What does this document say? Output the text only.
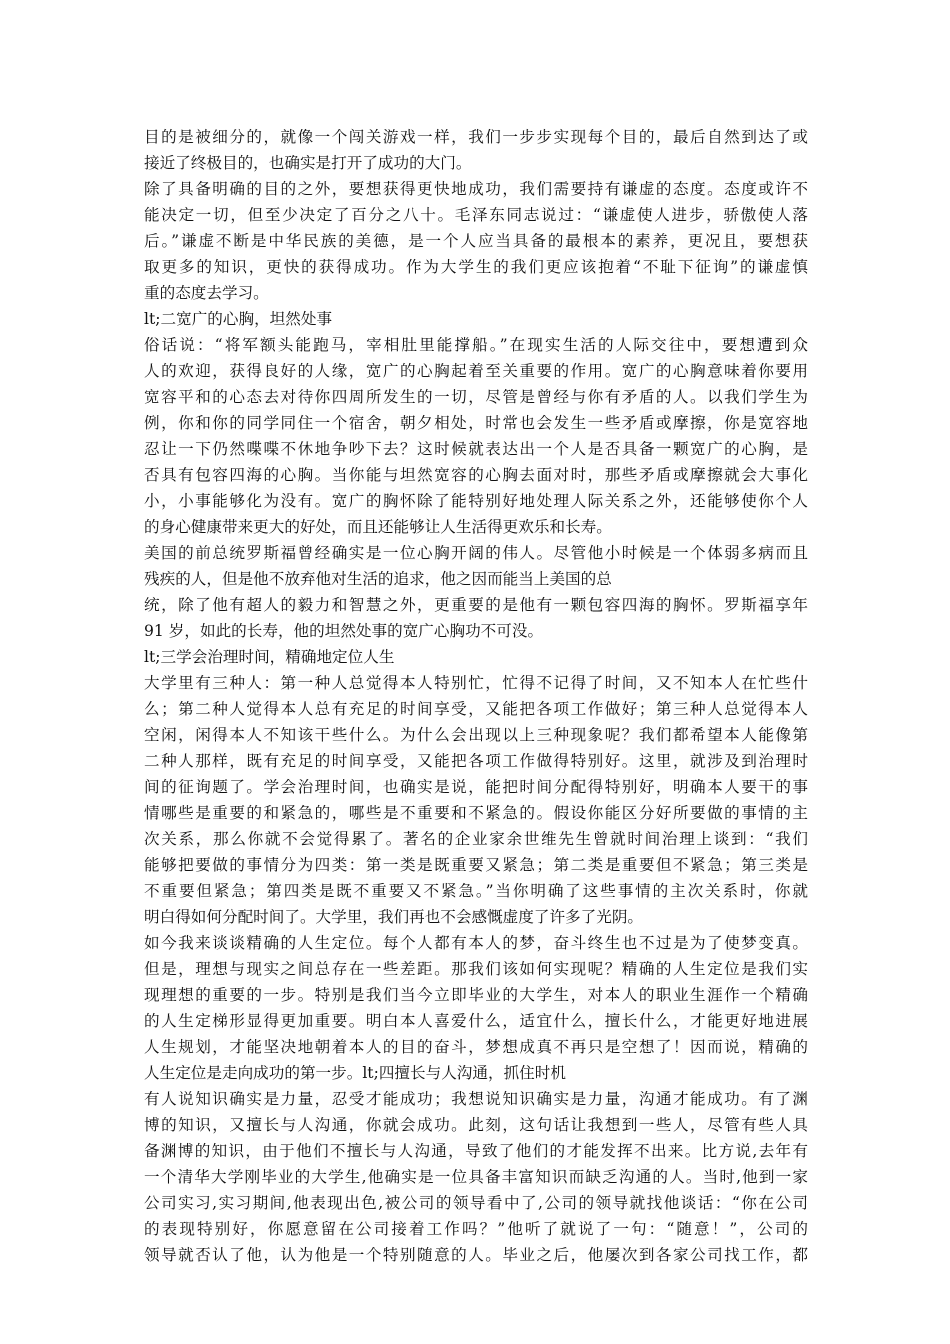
目的是被细分的，就像一个闯关游戏一样，我们一步步实现每个目的，最后自然到达了或
接近了终极目的，也确实是打开了成功的大门。
除了具备明确的目的之外，要想获得更快地成功，我们需要持有谦虚的态度。态度或许不
能决定一切，但至少决定了百分之八十。毛泽东同志说过：“谦虚使人进步，骄傲使人落
后。”谦虚不断是中华民族的美德，是一个人应当具备的最根本的素养，更况且，要想获
取更多的知识，更快的获得成功。作为大学生的我们更应该抱着“不耻下征询”的谦虚慎
重的态度去学习。
lt;二宽广的心胸，坦然处事
俗话说：“将军额头能跑马，宰相肚里能撑船。”在现实生活的人际交往中，要想遭到众
人的欢迎，获得良好的人缘，宽广的心胸起着至关重要的作用。宽广的心胸意味着你要用
宽容平和的心态去对待你四周所发生的一切，尽管是曾经与你有矛盾的人。以我们学生为
例，你和你的同学同住一个宿舍，朝夕相处，时常也会发生一些矛盾或摩擦，你是宽容地
忍让一下仍然喋喋不休地争吵下去？这时候就表达出一个人是否具备一颗宽广的心胸，是
否具有包容四海的心胸。当你能与坦然宽容的心胸去面对时，那些矛盾或摩擦就会大事化
小，小事能够化为没有。宽广的胸怀除了能特别好地处理人际关系之外，还能够使你个人
的身心健康带来更大的好处，而且还能够让人生活得更欢乐和长寿。
美国的前总统罗斯福曾经确实是一位心胸开阔的伟人。尽管他小时候是一个体弱多病而且
残疾的人，但是他不放弃他对生活的追求，他之因而能当上美国的总
统，除了他有超人的毅力和智慧之外，更重要的是他有一颗包容四海的胸怀。罗斯福享年
91 岁，如此的长寿，他的坦然处事的宽广心胸功不可没。
lt;三学会治理时间，精确地定位人生
大学里有三种人：第一种人总觉得本人特别忙，忙得不记得了时间，又不知本人在忙些什
么；第二种人觉得本人总有充足的时间享受，又能把各项工作做好；第三种人总觉得本人
空闲，闲得本人不知该干些什么。为什么会出现以上三种现象呢？我们都希望本人能像第
二种人那样，既有充足的时间享受，又能把各项工作做得特别好。这里，就涉及到治理时
间的征询题了。学会治理时间，也确实是说，能把时间分配得特别好，明确本人要干的事
情哪些是重要的和紧急的，哪些是不重要和不紧急的。假设你能区分好所要做的事情的主
次关系，那么你就不会觉得累了。著名的企业家余世维先生曾就时间治理上谈到：“我们
能够把要做的事情分为四类：第一类是既重要又紧急；第二类是重要但不紧急；第三类是
不重要但紧急；第四类是既不重要又不紧急。”当你明确了这些事情的主次关系时，你就
明白得如何分配时间了。大学里，我们再也不会感慨虚度了许多了光阴。
如今我来谈谈精确的人生定位。每个人都有本人的梦，奋斗终生也不过是为了使梦变真。
但是，理想与现实之间总存在一些差距。那我们该如何实现呢？精确的人生定位是我们实
现理想的重要的一步。特别是我们当今立即毕业的大学生，对本人的职业生涯作一个精确
的人生定梯形显得更加重要。明白本人喜爱什么，适宜什么，擅长什么，才能更好地进展
人生规划，才能坚决地朝着本人的目的奋斗，梦想成真不再只是空想了！因而说，精确的
人生定位是走向成功的第一步。lt;四擅长与人沟通，抓住时机
有人说知识确实是力量，忍受才能成功；我想说知识确实是力量，沟通才能成功。有了渊
博的知识，又擅长与人沟通，你就会成功。此刻，这句话让我想到一些人，尽管有些人具
备渊博的知识，由于他们不擅长与人沟通，导致了他们的才能发挥不出来。比方说,去年有
一个清华大学刚毕业的大学生,他确实是一位具备丰富知识而缺乏沟通的人。当时,他到一家
公司实习,实习期间,他表现出色,被公司的领导看中了,公司的领导就找他谈话：“你在公司
的表现特别好，你愿意留在公司接着工作吗？”他听了就说了一句：“随意！”，公司的
领导就否认了他，认为他是一个特别随意的人。毕业之后，他屡次到各家公司找工作，都
